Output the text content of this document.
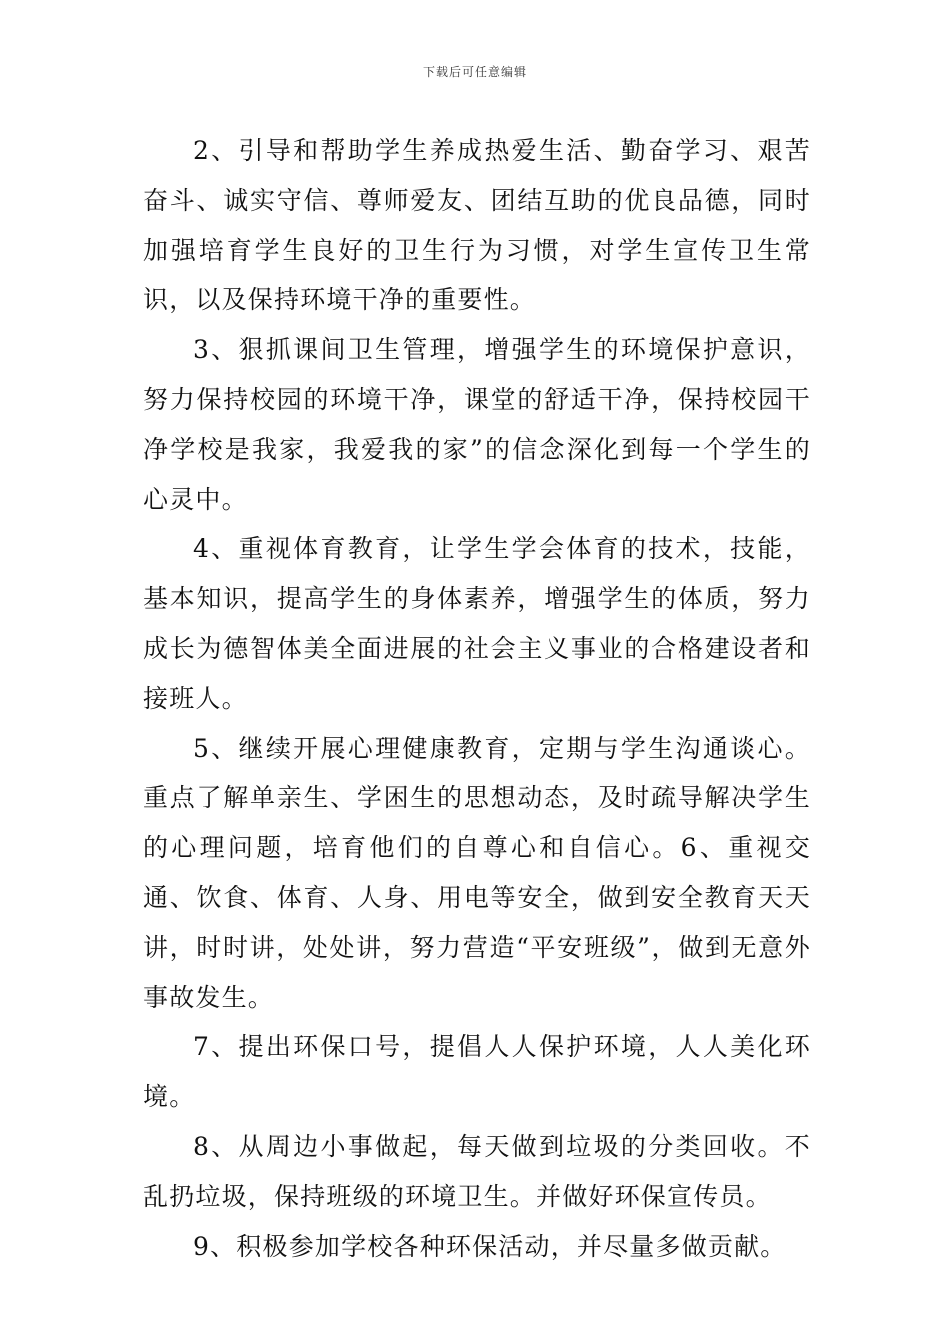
下载后可任意编辑

2、引导和帮助学生养成热爱生活、勤奋学习、艰苦奋斗、诚实守信、尊师爱友、团结互助的优良品德，同时加强培育学生良好的卫生行为习惯，对学生宣传卫生常识，以及保持环境干净的重要性。

3、狠抓课间卫生管理，增强学生的环境保护意识，努力保持校园的环境干净，课堂的舒适干净，保持校园干净学校是我家，我爱我的家”的信念深化到每一个学生的心灵中。

4、重视体育教育，让学生学会体育的技术，技能，基本知识，提高学生的身体素养，增强学生的体质，努力成长为德智体美全面进展的社会主义事业的合格建设者和接班人。

5、继续开展心理健康教育，定期与学生沟通谈心。重点了解单亲生、学困生的思想动态，及时疏导解决学生的心理问题，培育他们的自尊心和自信心。6、重视交通、饮食、体育、人身、用电等安全，做到安全教育天天讲，时时讲，处处讲，努力营造“平安班级”，做到无意外事故发生。

7、提出环保口号，提倡人人保护环境，人人美化环境。

8、从周边小事做起，每天做到垃圾的分类回收。不乱扔垃圾，保持班级的环境卫生。并做好环保宣传员。

9、积极参加学校各种环保活动，并尽量多做贡献。
